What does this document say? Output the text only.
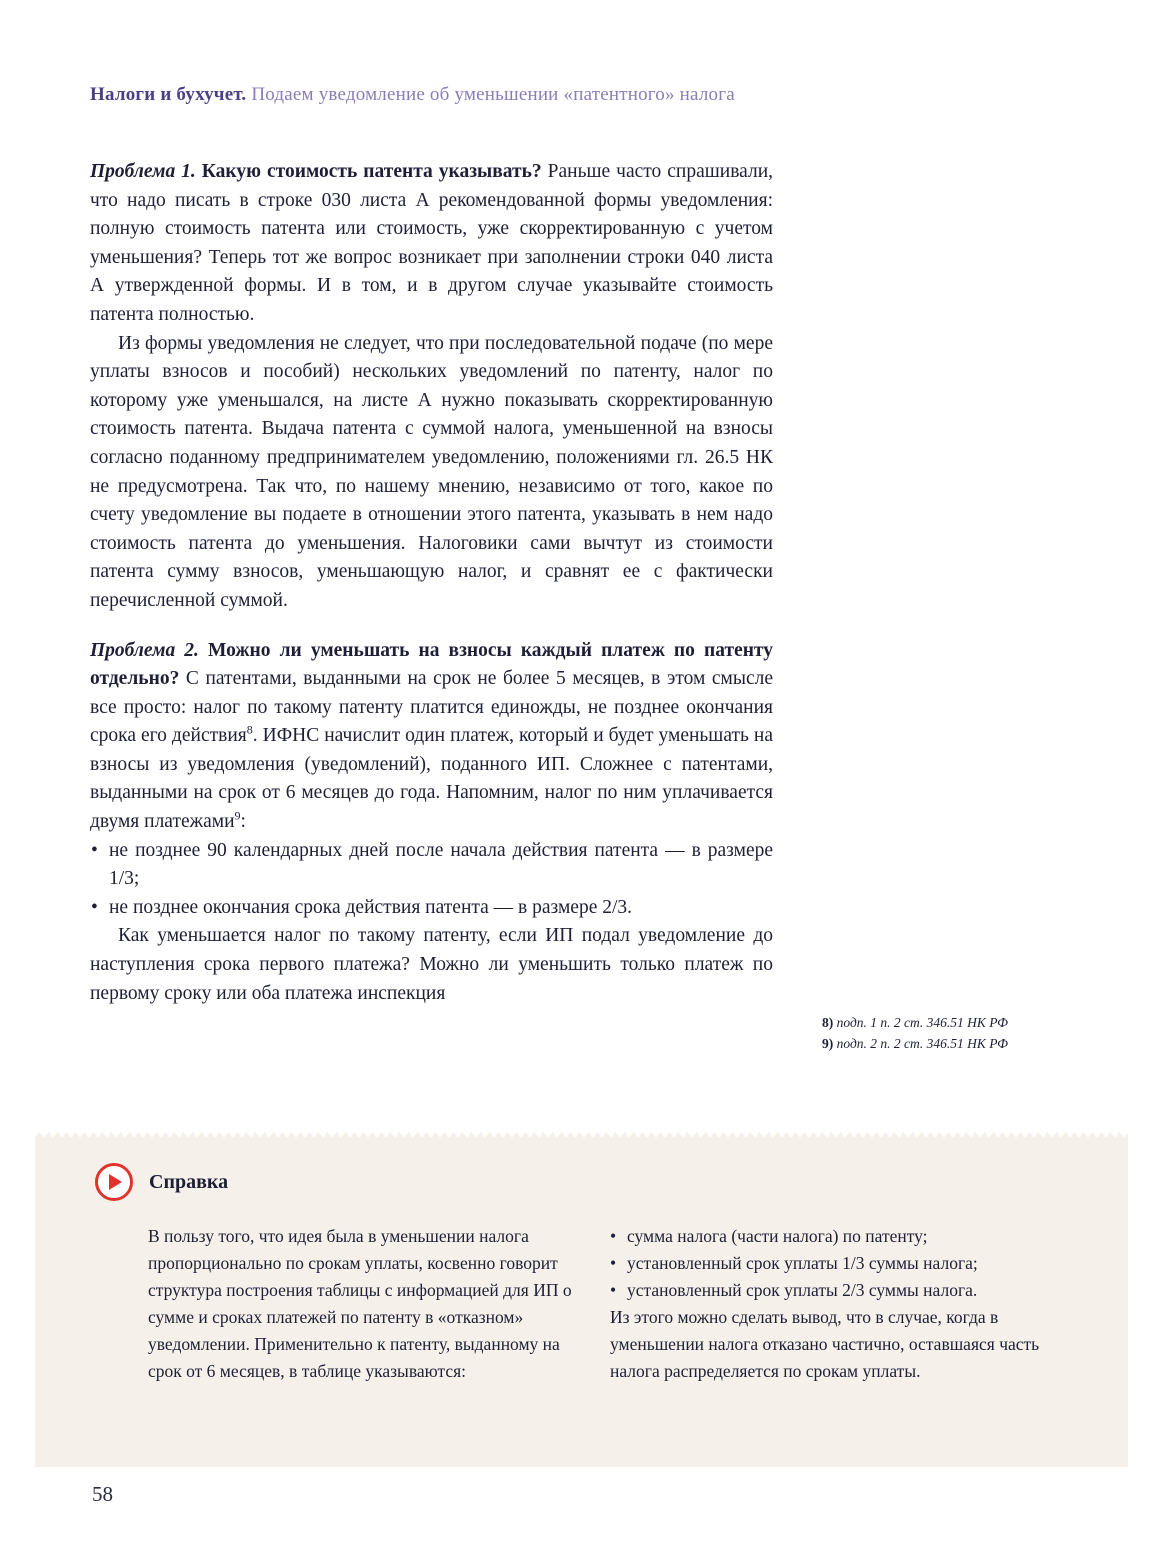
Налоги и бухучет. Подаем уведомление об уменьшении «патентного» налога

Проблема 1. Какую стоимость патента указывать? Раньше часто спрашивали, что надо писать в строке 030 листа А рекомендованной формы уведомления: полную стоимость патента или стоимость, уже скорректированную с учетом уменьшения? Теперь тот же вопрос возникает при заполнении строки 040 листа А утвержденной формы. И в том, и в другом случае указывайте стоимость патента полностью.

Из формы уведомления не следует, что при последовательной подаче (по мере уплаты взносов и пособий) нескольких уведомлений по патенту, налог по которому уже уменьшался, на листе А нужно показывать скорректированную стоимость патента. Выдача патента с суммой налога, уменьшенной на взносы согласно поданному предпринимателем уведомлению, положениями гл. 26.5 НК не предусмотрена. Так что, по нашему мнению, независимо от того, какое по счету уведомление вы подаете в отношении этого патента, указывать в нем надо стоимость патента до уменьшения. Налоговики сами вычтут из стоимости патента сумму взносов, уменьшающую налог, и сравнят ее с фактически перечисленной суммой.

Проблема 2. Можно ли уменьшать на взносы каждый платеж по патенту отдельно? С патентами, выданными на срок не более 5 месяцев, в этом смысле все просто: налог по такому патенту платится единожды, не позднее окончания срока его действия$^8$. ИФНС начислит один платеж, который и будет уменьшать на взносы из уведомления (уведомлений), поданного ИП. Сложнее с патентами, выданными на срок от 6 месяцев до года. Напомним, налог по ним уплачивается двумя платежами$^9$:

• не позднее 90 календарных дней после начала действия патента — в размере 1/3;
• не позднее окончания срока действия патента — в размере 2/3.

Как уменьшается налог по такому патенту, если ИП подал уведомление до наступления срока первого платежа? Можно ли уменьшить только платеж по первому сроку или оба платежа инспекция

8) подп. 1 п. 2 ст. 346.51 НК РФ
9) подп. 2 п. 2 ст. 346.51 НК РФ
Справка

В пользу того, что идея была в уменьшении налога пропорционально по срокам уплаты, косвенно говорит структура построения таблицы с информацией для ИП о сумме и сроках платежей по патенту в «отказном» уведомлении. Применительно к патенту, выданному на срок от 6 месяцев, в таблице указываются:

• сумма налога (части налога) по патенту;
• установленный срок уплаты 1/3 суммы налога;
• установленный срок уплаты 2/3 суммы налога.

Из этого можно сделать вывод, что в случае, когда в уменьшении налога отказано частично, оставшаяся часть налога распределяется по срокам уплаты.

58
